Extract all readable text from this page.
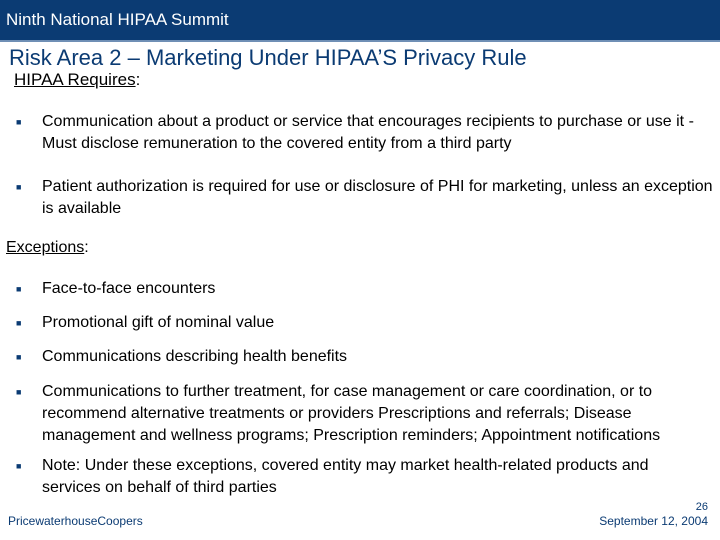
Ninth National HIPAA Summit
Risk Area 2 – Marketing Under HIPAA’S Privacy Rule
HIPAA Requires:
■	Communication about a product or service that encourages recipients to purchase or use it - Must disclose remuneration to the covered entity from a third party
■	Patient authorization is required for use or disclosure of PHI for marketing, unless an exception is available
Exceptions:
■	Face-to-face encounters
■	Promotional gift of nominal value
■	Communications describing health benefits
■	Communications to further treatment, for case management or care coordination, or to recommend alternative treatments or providers Prescriptions and referrals; Disease management and wellness programs; Prescription reminders; Appointment notifications
■	Note: Under these exceptions, covered entity may market health-related products and services on behalf of third parties
PricewaterhouseCoopers
26
September 12, 2004
